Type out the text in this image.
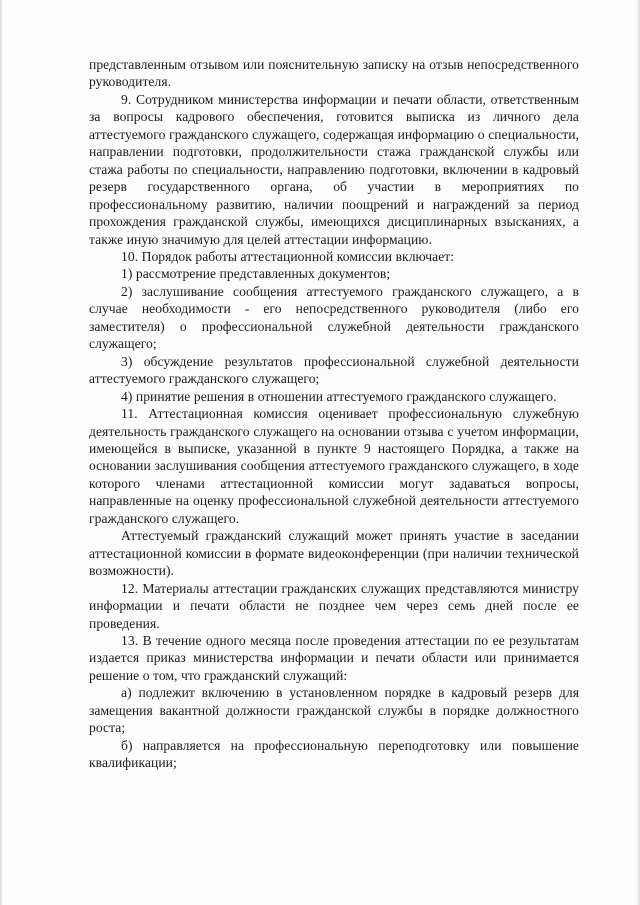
представленным отзывом или пояснительную записку на отзыв непосредственного руководителя.

9. Сотрудником министерства информации и печати области, ответственным за вопросы кадрового обеспечения, готовится выписка из личного дела аттестуемого гражданского служащего, содержащая информацию о специальности, направлении подготовки, продолжительности стажа гражданской службы или стажа работы по специальности, направлению подготовки, включении в кадровый резерв государственного органа, об участии в мероприятиях по профессиональному развитию, наличии поощрений и награждений за период прохождения гражданской службы, имеющихся дисциплинарных взысканиях, а также иную значимую для целей аттестации информацию.

10. Порядок работы аттестационной комиссии включает:

1) рассмотрение представленных документов;

2) заслушивание сообщения аттестуемого гражданского служащего, а в случае необходимости - его непосредственного руководителя (либо его заместителя) о профессиональной служебной деятельности гражданского служащего;

3) обсуждение результатов профессиональной служебной деятельности аттестуемого гражданского служащего;

4) принятие решения в отношении аттестуемого гражданского служащего.

11. Аттестационная комиссия оценивает профессиональную служебную деятельность гражданского служащего на основании отзыва с учетом информации, имеющейся в выписке, указанной в пункте 9 настоящего Порядка, а также на основании заслушивания сообщения аттестуемого гражданского служащего, в ходе которого членами аттестационной комиссии могут задаваться вопросы, направленные на оценку профессиональной служебной деятельности аттестуемого гражданского служащего.

Аттестуемый гражданский служащий может принять участие в заседании аттестационной комиссии в формате видеоконференции (при наличии технической возможности).

12. Материалы аттестации гражданских служащих представляются министру информации и печати области не позднее чем через семь дней после ее проведения.

13. В течение одного месяца после проведения аттестации по ее результатам издается приказ министерства информации и печати области или принимается решение о том, что гражданский служащий:

а) подлежит включению в установленном порядке в кадровый резерв для замещения вакантной должности гражданской службы в порядке должностного роста;

б) направляется на профессиональную переподготовку или повышение квалификации;
